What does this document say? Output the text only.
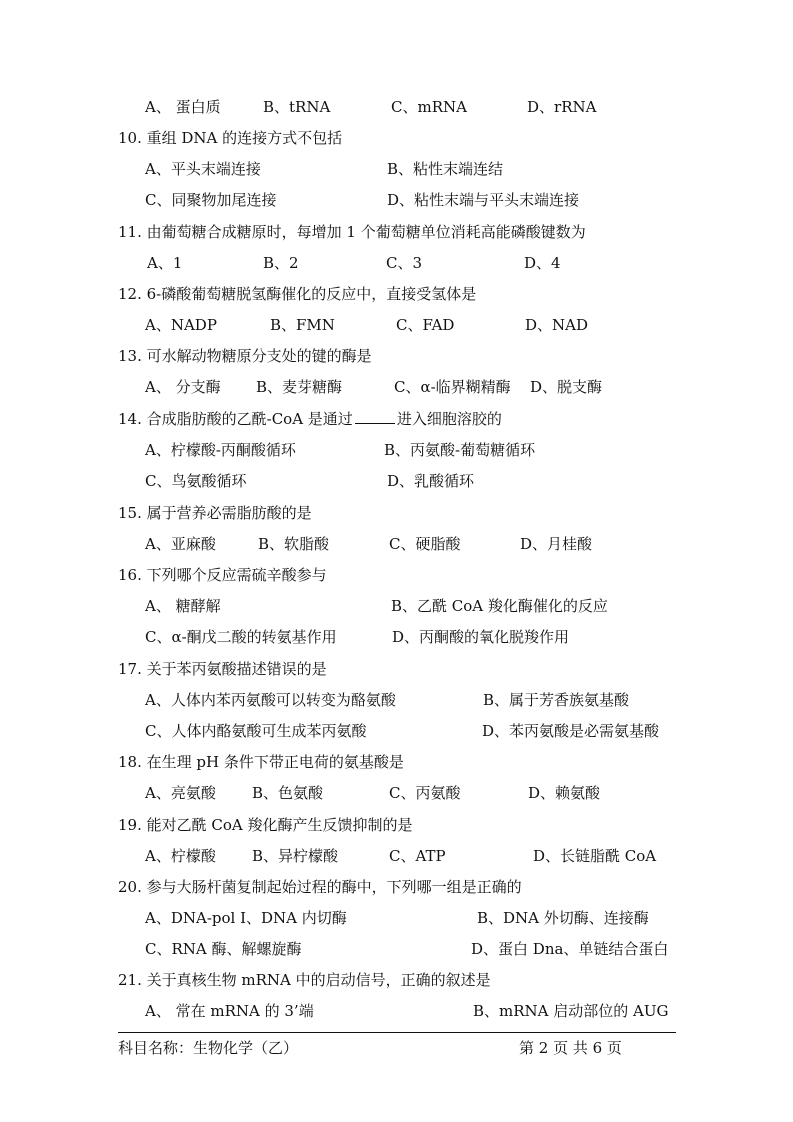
A、 蛋白质	B、tRNA	C、mRNA	D、rRNA
10. 重组 DNA 的连接方式不包括
A、平头末端连接	B、粘性末端连结
C、同聚物加尾连接	D、粘性末端与平头末端连接
11. 由葡萄糖合成糖原时，每增加 1 个葡萄糖单位消耗高能磷酸键数为
A、1	B、2	C、3	D、4
12. 6-磷酸葡萄糖脱氢酶催化的反应中，直接受氢体是
A、NADP	B、FMN	C、FAD	D、NAD
13. 可水解动物糖原分支处的键的酶是
A、 分支酶 B、麦芽糖酶	C、α-临界糊精酶 D、脱支酶
14. 合成脂肪酸的乙酰-CoA 是通过	进入细胞溶胶的
A、柠檬酸-丙酮酸循环	B、丙氨酸-葡萄糖循环
C、鸟氨酸循环	D、乳酸循环
15. 属于营养必需脂肪酸的是
A、亚麻酸	B、软脂酸	C、硬脂酸	D、月桂酸
16. 下列哪个反应需硫辛酸参与
A、 糖酵解	B、乙酰 CoA 羧化酶催化的反应
C、α-酮戊二酸的转氨基作用	D、丙酮酸的氧化脱羧作用
17. 关于苯丙氨酸描述错误的是
A、人体内苯丙氨酸可以转变为酪氨酸	B、属于芳香族氨基酸
C、人体内酪氨酸可生成苯丙氨酸	D、苯丙氨酸是必需氨基酸
18. 在生理 pH 条件下带正电荷的氨基酸是
A、亮氨酸 B、色氨酸	C、丙氨酸	D、赖氨酸
19. 能对乙酰 CoA 羧化酶产生反馈抑制的是
A、柠檬酸 B、异柠檬酸	C、ATP	D、长链脂酰 CoA
20. 参与大肠杆菌复制起始过程的酶中，下列哪一组是正确的
A、DNA-pol Ⅰ、DNA 内切酶	B、DNA 外切酶、连接酶
C、RNA 酶、解螺旋酶	D、蛋白 Dna、单链结合蛋白
21. 关于真核生物 mRNA 中的启动信号，正确的叙述是
A、 常在 mRNA 的 3’端	B、mRNA 启动部位的 AUG
科目名称：生物化学（乙）	第 2 页 共 6 页
